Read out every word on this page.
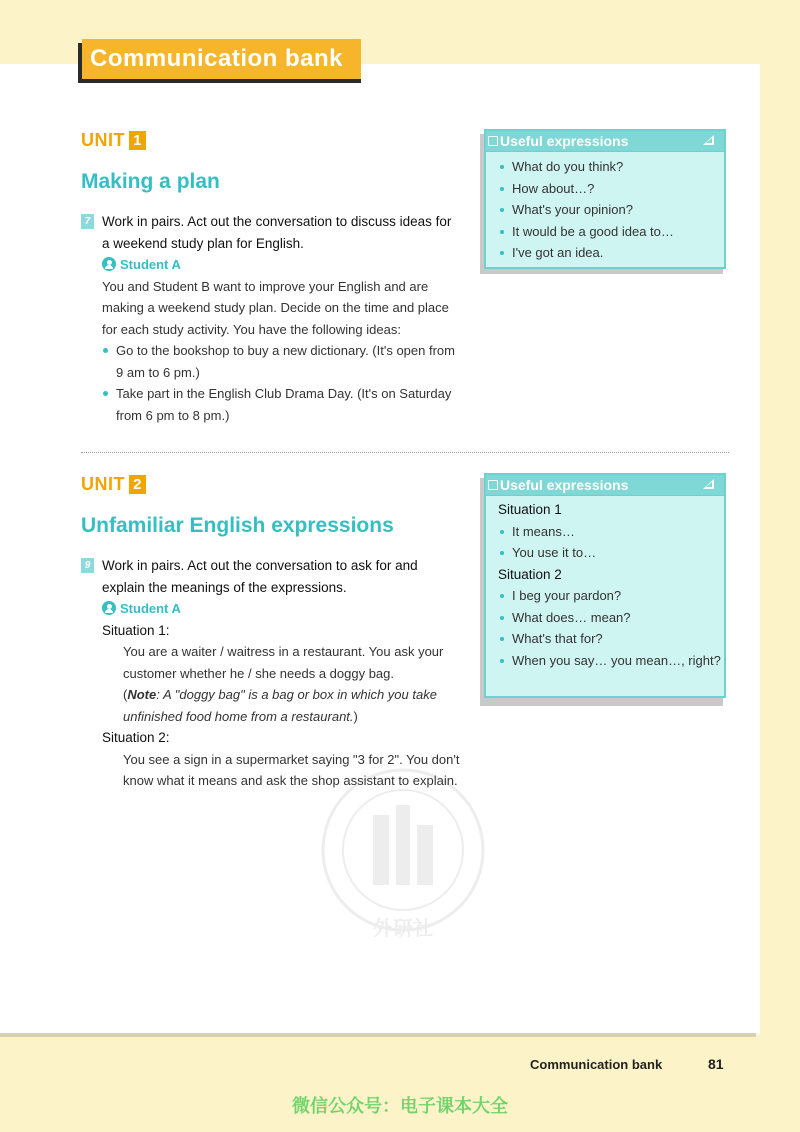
Communication bank
UNIT 1
Making a plan
7 Work in pairs. Act out the conversation to discuss ideas for a weekend study plan for English.
Student A
You and Student B want to improve your English and are making a weekend study plan. Decide on the time and place for each study activity. You have the following ideas:
Go to the bookshop to buy a new dictionary. (It's open from 9 am to 6 pm.)
Take part in the English Club Drama Day. (It's on Saturday from 6 pm to 8 pm.)
Useful expressions
What do you think?
How about…?
What's your opinion?
It would be a good idea to…
I've got an idea.
UNIT 2
Unfamiliar English expressions
9 Work in pairs. Act out the conversation to ask for and explain the meanings of the expressions.
Student A
Situation 1:
You are a waiter / waitress in a restaurant. You ask your customer whether he / she needs a doggy bag.
(Note: A "doggy bag" is a bag or box in which you take unfinished food home from a restaurant.)
Situation 2:
You see a sign in a supermarket saying "3 for 2". You don't know what it means and ask the shop assistant to explain.
Useful expressions
Situation 1
It means…
You use it to…
Situation 2
I beg your pardon?
What does… mean?
What's that for?
When you say… you mean…, right?
外研社
Communication bank	81
微信公众号：电子课本大全
